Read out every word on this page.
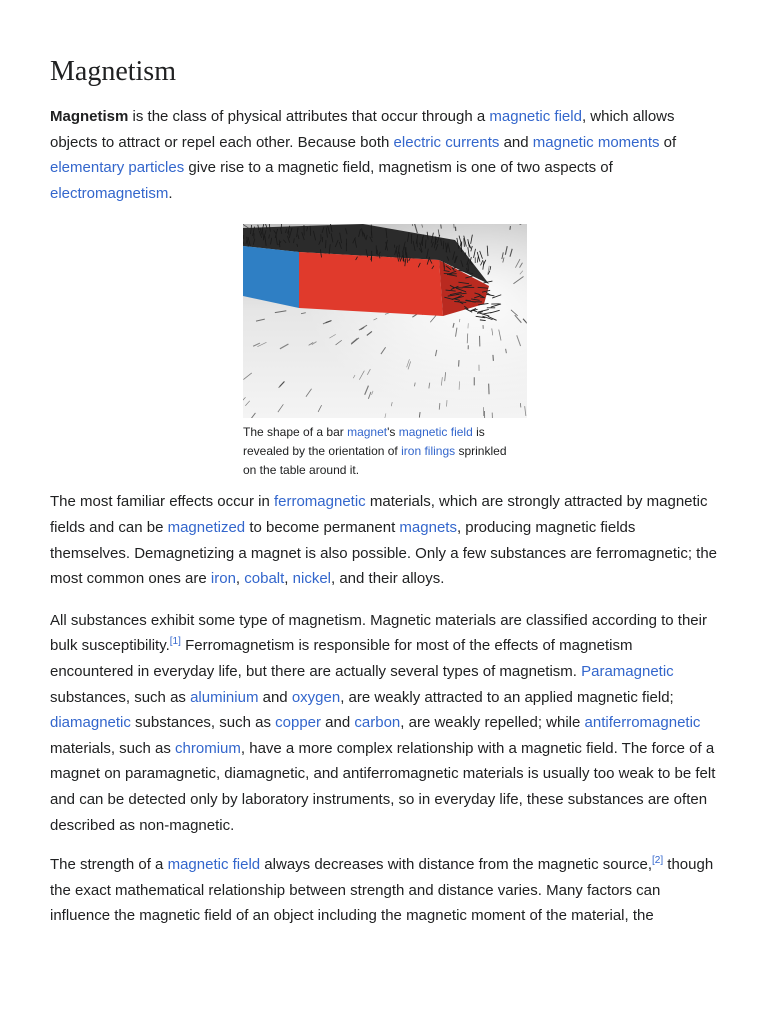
Magnetism

Magnetism is the class of physical attributes that occur through a magnetic field, which allows objects to attract or repel each other. Because both electric currents and magnetic moments of elementary particles give rise to a magnetic field, magnetism is one of two aspects of electromagnetism.

The shape of a bar magnet's magnetic field is revealed by the orientation of iron filings sprinkled on the table around it.

The most familiar effects occur in ferromagnetic materials, which are strongly attracted by magnetic fields and can be magnetized to become permanent magnets, producing magnetic fields themselves. Demagnetizing a magnet is also possible. Only a few substances are ferromagnetic; the most common ones are iron, cobalt, nickel, and their alloys.

All substances exhibit some type of magnetism. Magnetic materials are classified according to their bulk susceptibility.[1] Ferromagnetism is responsible for most of the effects of magnetism encountered in everyday life, but there are actually several types of magnetism. Paramagnetic substances, such as aluminium and oxygen, are weakly attracted to an applied magnetic field; diamagnetic substances, such as copper and carbon, are weakly repelled; while antiferromagnetic materials, such as chromium, have a more complex relationship with a magnetic field. The force of a magnet on paramagnetic, diamagnetic, and antiferromagnetic materials is usually too weak to be felt and can be detected only by laboratory instruments, so in everyday life, these substances are often described as non-magnetic.

The strength of a magnetic field always decreases with distance from the magnetic source,[2] though the exact mathematical relationship between strength and distance varies. Many factors can influence the magnetic field of an object including the magnetic moment of the material, the
